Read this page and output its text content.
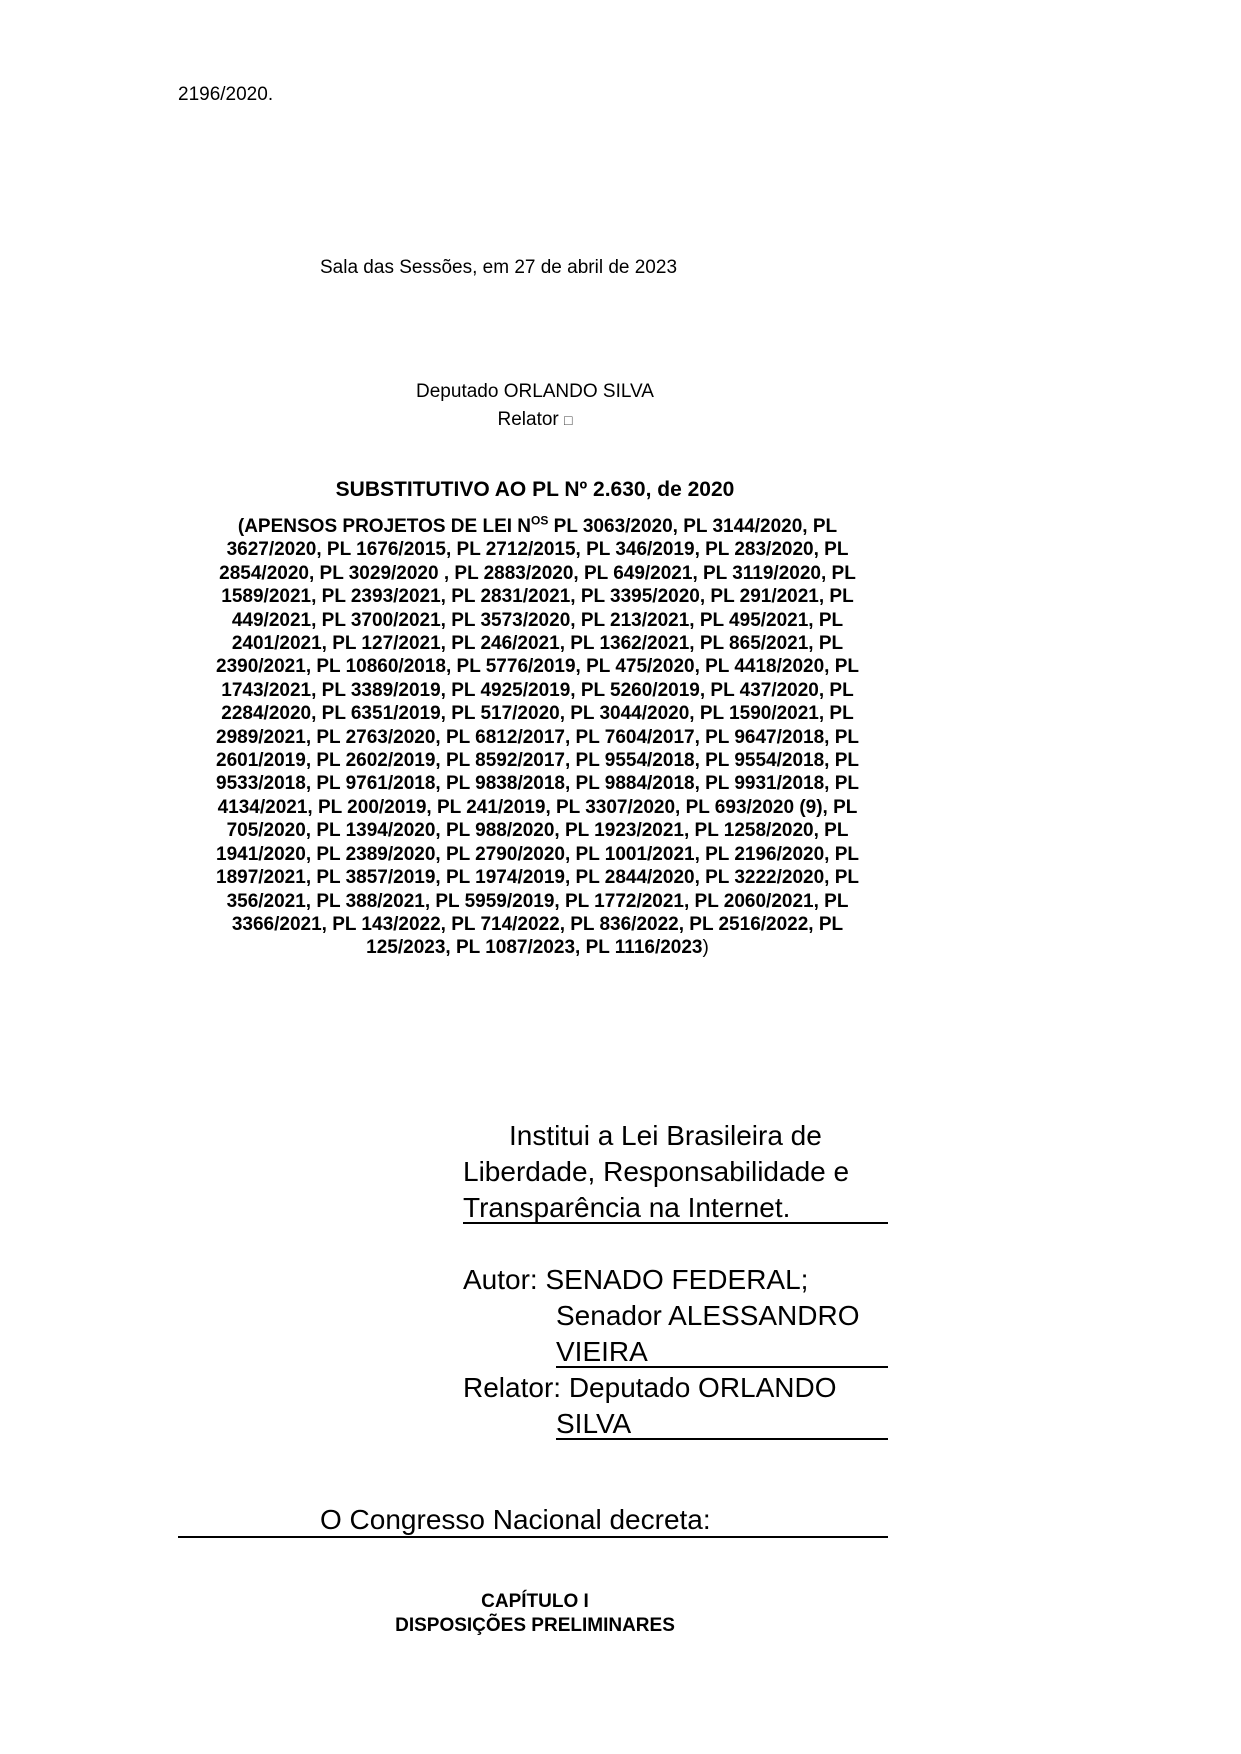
2196/2020.
Sala das Sessões, em 27 de abril de 2023
Deputado ORLANDO SILVA
Relator □
SUBSTITUTIVO AO PL Nº 2.630, de 2020
(APENSOS PROJETOS DE LEI $N^{OS}$ PL 3063/2020, PL 3144/2020, PL
3627/2020, PL 1676/2015, PL 2712/2015, PL 346/2019, PL 283/2020, PL
2854/2020, PL 3029/2020 , PL 2883/2020, PL 649/2021, PL 3119/2020, PL
1589/2021, PL 2393/2021, PL 2831/2021, PL 3395/2020, PL 291/2021, PL
449/2021, PL 3700/2021, PL 3573/2020, PL 213/2021, PL 495/2021, PL
2401/2021, PL 127/2021, PL 246/2021, PL 1362/2021, PL 865/2021, PL
2390/2021, PL 10860/2018, PL 5776/2019, PL 475/2020, PL 4418/2020, PL
1743/2021, PL 3389/2019, PL 4925/2019, PL 5260/2019, PL 437/2020, PL
2284/2020, PL 6351/2019, PL 517/2020, PL 3044/2020, PL 1590/2021, PL
2989/2021, PL 2763/2020, PL 6812/2017, PL 7604/2017, PL 9647/2018, PL
2601/2019, PL 2602/2019, PL 8592/2017, PL 9554/2018, PL 9554/2018, PL
9533/2018, PL 9761/2018, PL 9838/2018, PL 9884/2018, PL 9931/2018, PL
4134/2021, PL 200/2019, PL 241/2019, PL 3307/2020, PL 693/2020 (9), PL
705/2020, PL 1394/2020, PL 988/2020, PL 1923/2021, PL 1258/2020, PL
1941/2020, PL 2389/2020, PL 2790/2020, PL 1001/2021, PL 2196/2020, PL
1897/2021, PL 3857/2019, PL 1974/2019, PL 2844/2020, PL 3222/2020, PL
356/2021, PL 388/2021, PL 5959/2019, PL 1772/2021, PL 2060/2021, PL
3366/2021, PL 143/2022, PL 714/2022, PL 836/2022, PL 2516/2022, PL
125/2023, PL 1087/2023, PL 1116/2023)
Institui a Lei Brasileira de
Liberdade, Responsabilidade e
Transparência na Internet.
Autor: SENADO FEDERAL;
Senador ALESSANDRO
VIEIRA
Relator: Deputado ORLANDO
SILVA
O Congresso Nacional decreta:
CAPÍTULO I
DISPOSIÇÕES PRELIMINARES
